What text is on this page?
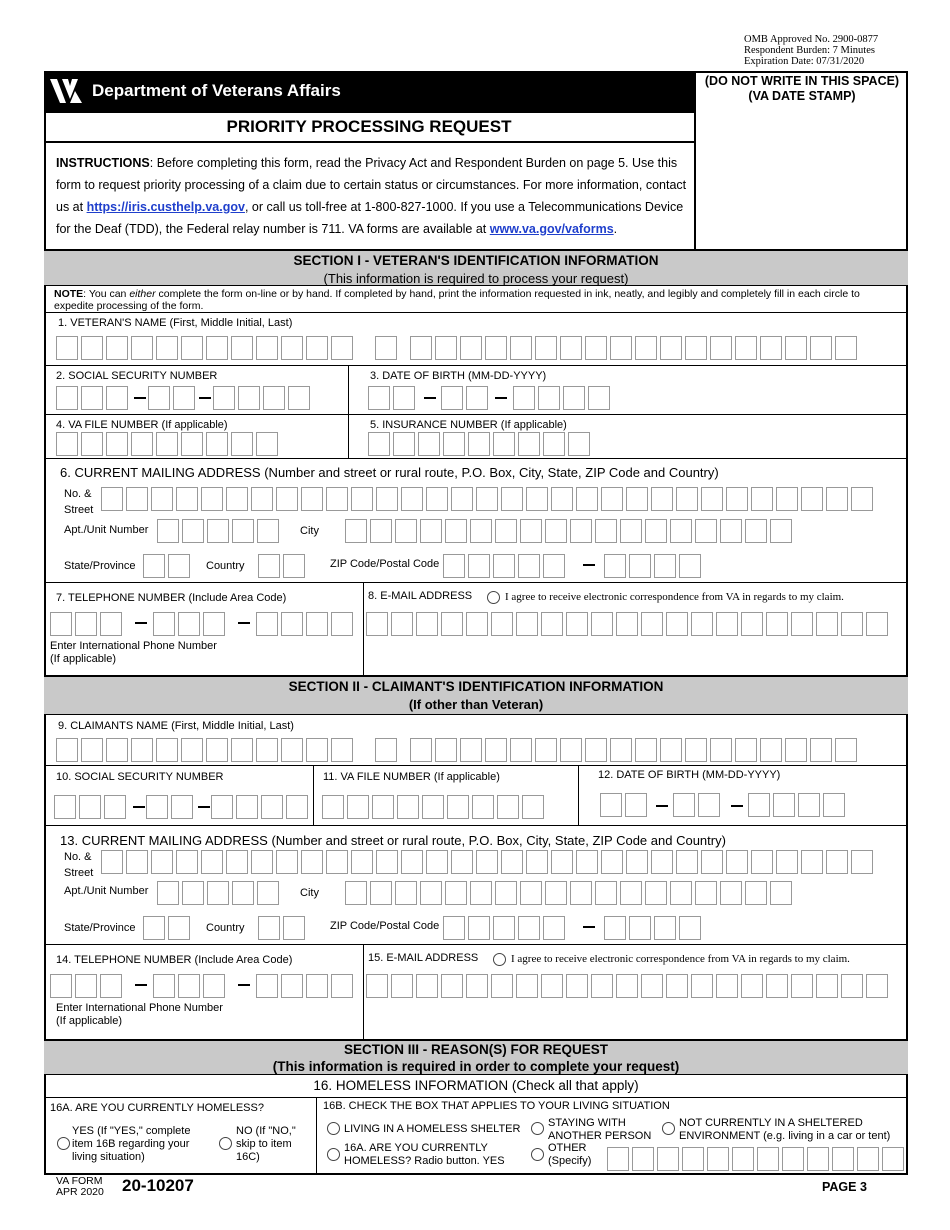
OMB Approved No. 2900-0877
Respondent Burden: 7 Minutes
Expiration Date: 07/31/2020
Department of Veterans Affairs	(DO NOT WRITE IN THIS SPACE)
(VA DATE STAMP)
PRIORITY PROCESSING REQUEST
INSTRUCTIONS: Before completing this form, read the Privacy Act and Respondent Burden on page 5. Use this form to request priority processing of a claim due to certain status or circumstances. For more information, contact us at https://iris.custhelp.va.gov, or call us toll-free at 1-800-827-1000. If you use a Telecommunications Device for the Deaf (TDD), the Federal relay number is 711. VA forms are available at www.va.gov/vaforms.
SECTION I - VETERAN'S IDENTIFICATION INFORMATION
(This information is required to process your request)
NOTE: You can either complete the form on-line or by hand. If completed by hand, print the information requested in ink, neatly, and legibly and completely fill in each circle to expedite processing of the form.
1. VETERAN'S NAME (First, Middle Initial, Last)
2. SOCIAL SECURITY NUMBER	3. DATE OF BIRTH (MM-DD-YYYY)
4. VA FILE NUMBER (If applicable)	5. INSURANCE NUMBER (If applicable)
6. CURRENT MAILING ADDRESS (Number and street or rural route, P.O. Box, City, State, ZIP Code and Country)
No. &
Street
Apt./Unit Number	City
State/Province	Country	ZIP Code/Postal Code
7. TELEPHONE NUMBER (Include Area Code)
Enter International Phone Number
(If applicable)
8. E-MAIL ADDRESS	I agree to receive electronic correspondence from VA in regards to my claim.
SECTION II - CLAIMANT'S IDENTIFICATION INFORMATION
(If other than Veteran)
9. CLAIMANTS NAME (First, Middle Initial, Last)
10. SOCIAL SECURITY NUMBER	11. VA FILE NUMBER (If applicable)	12. DATE OF BIRTH (MM-DD-YYYY)
13. CURRENT MAILING ADDRESS (Number and street or rural route, P.O. Box, City, State, ZIP Code and Country)
No. &
Street
Apt./Unit Number	City
State/Province	Country	ZIP Code/Postal Code
14. TELEPHONE NUMBER (Include Area Code)
Enter International Phone Number
(If applicable)
15. E-MAIL ADDRESS	I agree to receive electronic correspondence from VA in regards to my claim.
SECTION III - REASON(S) FOR REQUEST
(This information is required in order to complete your request)
16. HOMELESS INFORMATION (Check all that apply)
16A. ARE YOU CURRENTLY HOMELESS?
YES (If "YES," complete
item 16B regarding your
living situation)
NO (If "NO,"
skip to item
16C)
16B. CHECK THE BOX THAT APPLIES TO YOUR LIVING SITUATION
LIVING IN A HOMELESS SHELTER	STAYING WITH
ANOTHER PERSON
NOT CURRENTLY IN A SHELTERED
ENVIRONMENT (e.g. living in a car or tent)
16A. ARE YOU CURRENTLY
HOMELESS? Radio button. YES
OTHER
(Specify)
VA FORM
APR 2020 20-10207	PAGE 3
